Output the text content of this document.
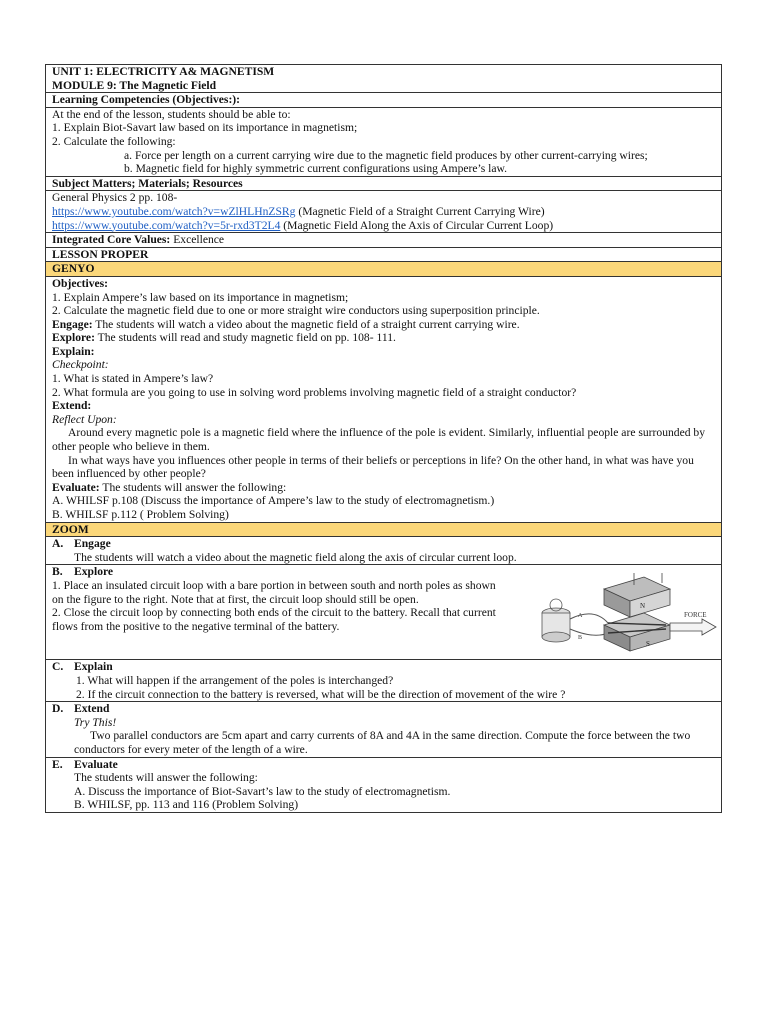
UNIT 1: ELECTRICITY A& MAGNETISM
MODULE 9: The Magnetic Field

Learning Competencies (Objectives:):

At the end of the lesson, students should be able to:
1. Explain Biot-Savart law based on its importance in magnetism;
2. Calculate the following:
a. Force per length on a current carrying wire due to the magnetic field produces by other current-carrying wires;
b. Magnetic field for highly symmetric current configurations using Ampere’s law.

Subject Matters; Materials; Resources

General Physics 2 pp. 108-
https://www.youtube.com/watch?v=wZlHLHnZSRg (Magnetic Field of a Straight Current Carrying Wire)
https://www.youtube.com/watch?v=5r-rxd3T2L4 (Magnetic Field Along the Axis of Circular Current Loop)

Integrated Core Values: Excellence
LESSON PROPER
GENYO

Objectives:
1. Explain Ampere’s law based on its importance in magnetism;
2. Calculate the magnetic field due to one or more straight wire conductors using superposition principle.
Engage: The students will watch a video about the magnetic field of a straight current carrying wire.
Explore: The students will read and study magnetic field on pp. 108- 111.
Explain:
Checkpoint:
1. What is stated in Ampere’s law?
2. What formula are you going to use in solving word problems involving magnetic field of a straight conductor?
Extend:
Reflect Upon:
Around every magnetic pole is a magnetic field where the influence of the pole is evident. Similarly, influential people are surrounded by other people who believe in them.
In what ways have you influences other people in terms of their beliefs or perceptions in life? On the other hand, in what was have you been influenced by other people?
Evaluate: The students will answer the following:
A. WHILSF p.108 (Discuss the importance of Ampere’s law to the study of electromagnetism.)
B. WHILSF p.112 ( Problem Solving)

ZOOM

A. Engage
The students will watch a video about the magnetic field along the axis of circular current loop.

B. Explore
1. Place an insulated circuit loop with a bare portion in between south and north poles as shown on the figure to the right. Note that at first, the circuit loop should still be open.
2. Close the circuit loop by connecting both ends of the circuit to the battery. Recall that current flows from the positive to the negative terminal of the battery.
A
B
N
S
FORCE

C. Explain
1. What will happen if the arrangement of the poles is interchanged?
2. If the circuit connection to the battery is reversed, what will be the direction of movement of the wire ?

D. Extend
Try This!
Two parallel conductors are 5cm apart and carry currents of 8A and 4A in the same direction. Compute the force between the two conductors for every meter of the length of a wire.

E. Evaluate
The students will answer the following:
A. Discuss the importance of Biot-Savart’s law to the study of electromagnetism.
B. WHILSF, pp. 113 and 116 (Problem Solving)
